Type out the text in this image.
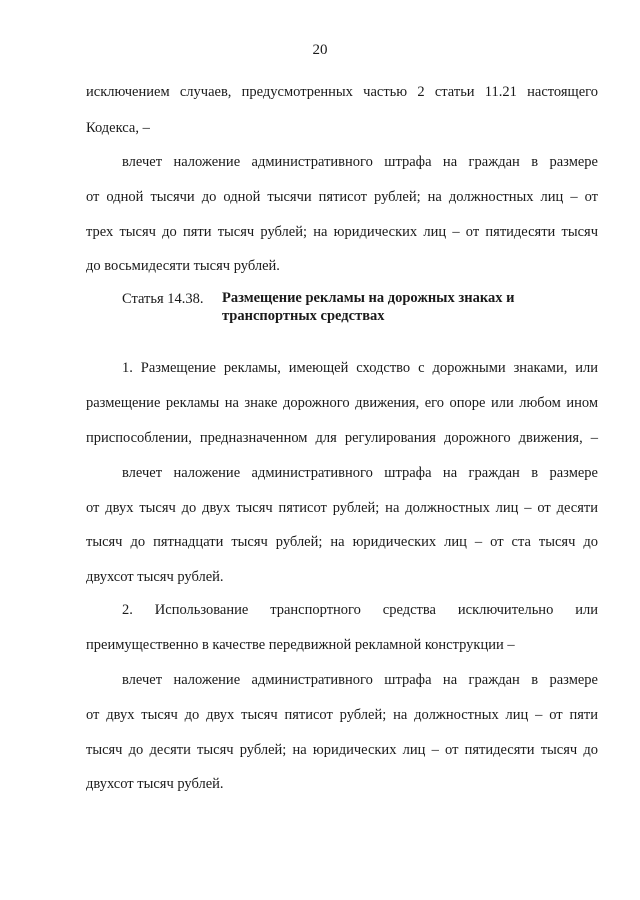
20
исключением случаев, предусмотренных частью 2 статьи 11.21 настоящего
Кодекса, –
влечет наложение административного штрафа на граждан в размере
от одной тысячи до одной тысячи пятисот рублей; на должностных лиц – от
трех тысяч до пяти тысяч рублей; на юридических лиц – от пятидесяти тысяч
до восьмидесяти тысяч рублей.
Статья 14.38. Размещение рекламы на дорожных знаках и
транспортных средствах
1. Размещение рекламы, имеющей сходство с дорожными знаками, или
размещение рекламы на знаке дорожного движения, его опоре или любом ином
приспособлении, предназначенном для регулирования дорожного движения, –
влечет наложение административного штрафа на граждан в размере
от двух тысяч до двух тысяч пятисот рублей; на должностных лиц – от десяти
тысяч до пятнадцати тысяч рублей; на юридических лиц – от ста тысяч до
двухсот тысяч рублей.
2. Использование транспортного средства исключительно или
преимущественно в качестве передвижной рекламной конструкции –
влечет наложение административного штрафа на граждан в размере
от двух тысяч до двух тысяч пятисот рублей; на должностных лиц – от пяти
тысяч до десяти тысяч рублей; на юридических лиц – от пятидесяти тысяч до
двухсот тысяч рублей.
